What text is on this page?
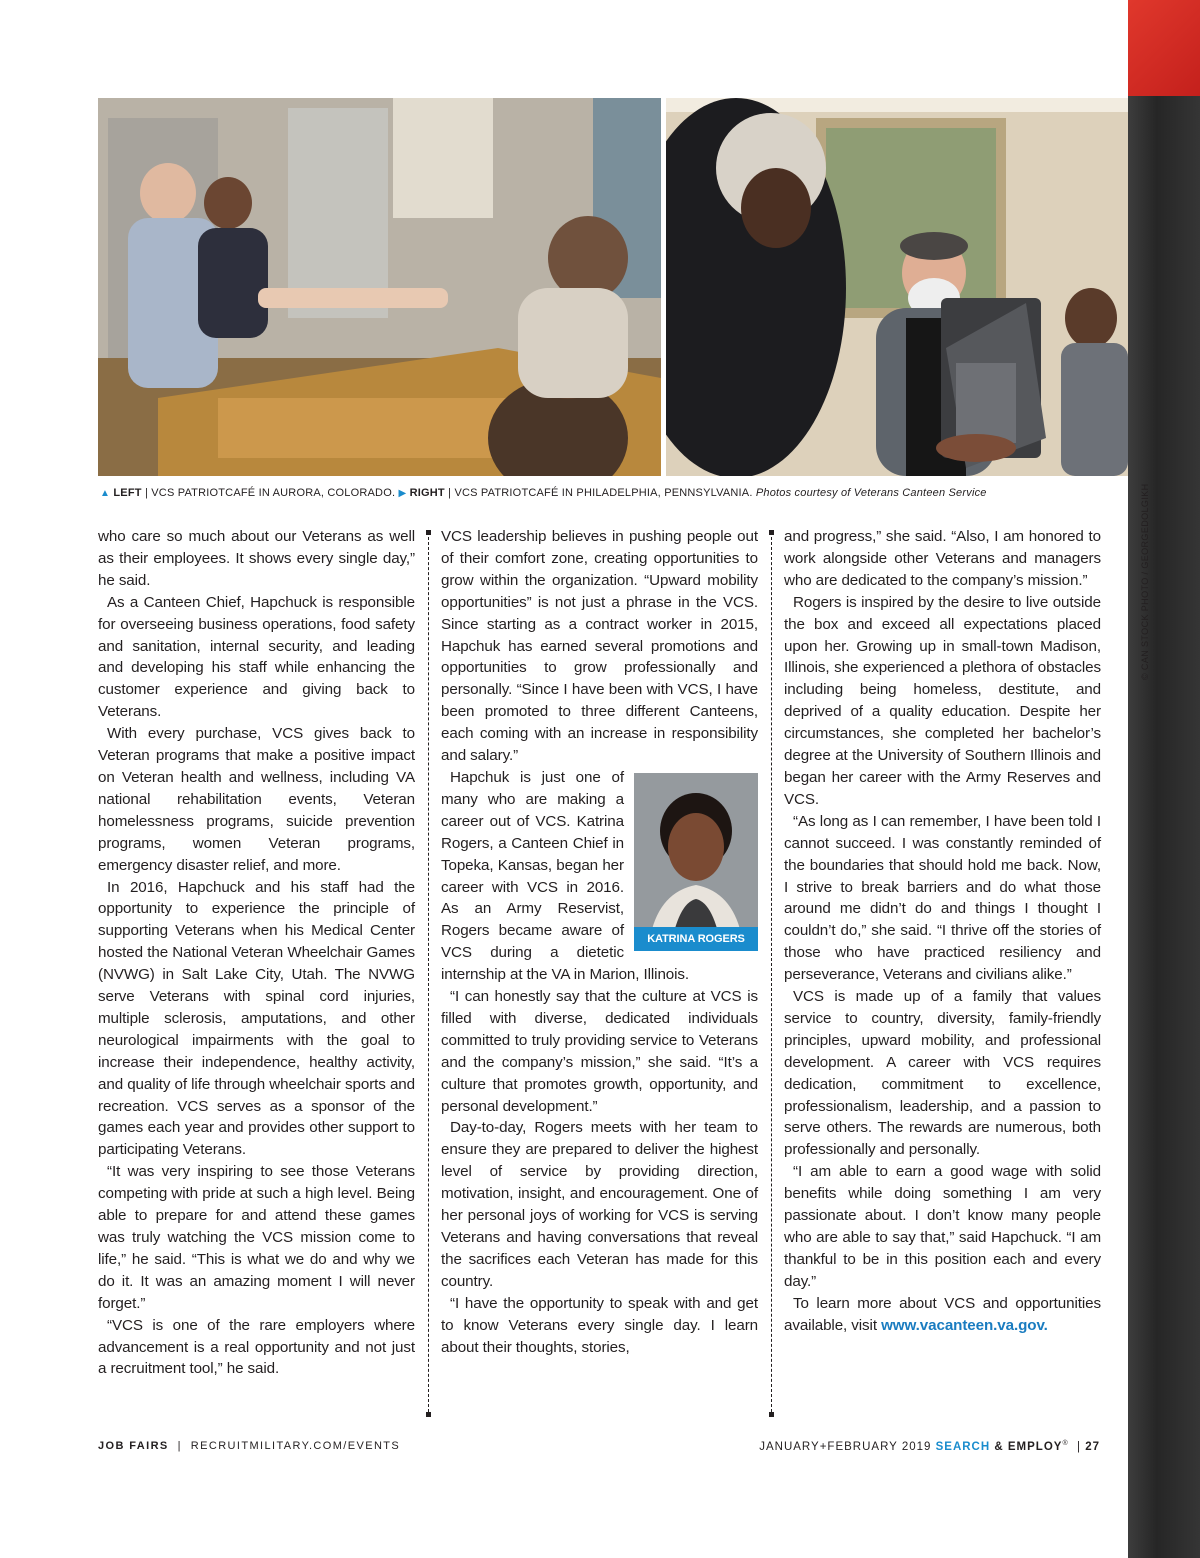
© CAN STOCK PHOTO / GEORGEDOLGIKH
▲ LEFT | VCS PATRIOTCAFÉ IN AURORA, COLORADO. ▶ RIGHT | VCS PATRIOTCAFÉ IN PHILADELPHIA, PENNSYLVANIA. Photos courtesy of Veterans Canteen Service

who care so much about our Veterans as well as their employees. It shows every single day,” he said.

As a Canteen Chief, Hapchuck is responsible for overseeing business operations, food safety and sanitation, internal security, and leading and developing his staff while enhancing the customer experience and giving back to Veterans.

With every purchase, VCS gives back to Veteran programs that make a positive impact on Veteran health and wellness, including VA national rehabilitation events, Veteran homelessness programs, suicide prevention programs, women Veteran programs, emergency disaster relief, and more.

In 2016, Hapchuck and his staff had the opportunity to experience the principle of supporting Veterans when his Medical Center hosted the National Veteran Wheelchair Games (NVWG) in Salt Lake City, Utah. The NVWG serve Veterans with spinal cord injuries, multiple sclerosis, amputations, and other neurological impairments with the goal to increase their independence, healthy activity, and quality of life through wheelchair sports and recreation. VCS serves as a sponsor of the games each year and provides other support to participating Veterans.

“It was very inspiring to see those Veterans competing with pride at such a high level. Being able to prepare for and attend these games was truly watching the VCS mission come to life,” he said. “This is what we do and why we do it. It was an amazing moment I will never forget.”

“VCS is one of the rare employers where advancement is a real opportunity and not just a recruitment tool,” he said.

VCS leadership believes in pushing people out of their comfort zone, creating opportunities to grow within the organization. “Upward mobility opportunities” is not just a phrase in the VCS. Since starting as a contract worker in 2015, Hapchuk has earned several promotions and opportunities to grow professionally and personally. “Since I have been with VCS, I have been promoted to three different Canteens, each coming with an increase in responsibility and salary.”

KATRINA ROGERS

Hapchuk is just one of many who are making a career out of VCS. Katrina Rogers, a Canteen Chief in Topeka, Kansas, began her career with VCS in 2016. As an Army Reservist, Rogers became aware of VCS during a dietetic internship at the VA in Marion, Illinois.

“I can honestly say that the culture at VCS is filled with diverse, dedicated individuals committed to truly providing service to Veterans and the company’s mission,” she said. “It’s a culture that promotes growth, opportunity, and personal development.”

Day-to-day, Rogers meets with her team to ensure they are prepared to deliver the highest level of service by providing direction, motivation, insight, and encouragement. One of her personal joys of working for VCS is serving Veterans and having conversations that reveal the sacrifices each Veteran has made for this country.

“I have the opportunity to speak with and get to know Veterans every single day. I learn about their thoughts, stories,

and progress,” she said. “Also, I am honored to work alongside other Veterans and managers who are dedicated to the company’s mission.”

Rogers is inspired by the desire to live outside the box and exceed all expectations placed upon her. Growing up in small-town Madison, Illinois, she experienced a plethora of obstacles including being homeless, destitute, and deprived of a quality education. Despite her circumstances, she completed her bachelor’s degree at the University of Southern Illinois and began her career with the Army Reserves and VCS.

“As long as I can remember, I have been told I cannot succeed. I was constantly reminded of the boundaries that should hold me back. Now, I strive to break barriers and do what those around me didn’t do and things I thought I couldn’t do,” she said. “I thrive off the stories of those who have practiced resiliency and perseverance, Veterans and civilians alike.”

VCS is made up of a family that values service to country, diversity, family-friendly principles, upward mobility, and professional development. A career with VCS requires dedication, commitment to excellence, professionalism, leadership, and a passion to serve others. The rewards are numerous, both professionally and personally.

“I am able to earn a good wage with solid benefits while doing something I am very passionate about. I don’t know many people who are able to say that,” said Hapchuck. “I am thankful to be in this position each and every day.”

To learn more about VCS and opportunities available, visit www.vacanteen.va.gov.

JOB FAIRS | RECRUITMILITARY.COM/EVENTS	JANUARY+FEBRUARY 2019 SEARCH & EMPLOY® | 27
